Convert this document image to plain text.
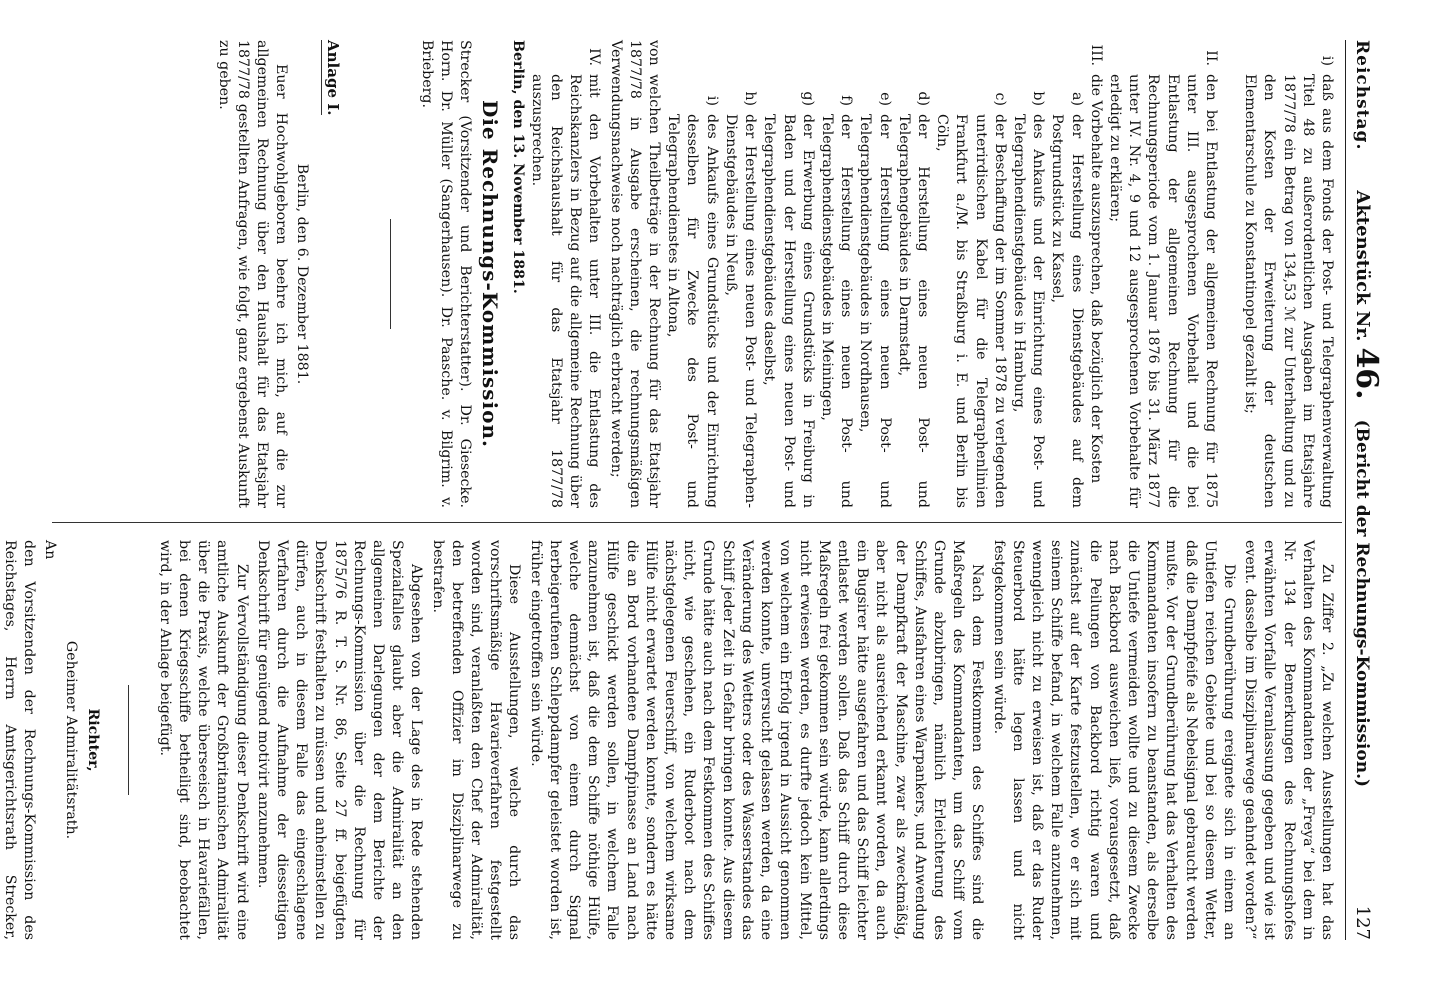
Reichstag.
Aktenstück Nr.
46.
(Bericht der Rechnungs-Kommission.)
127
i)
daß aus dem Fonds der Post- und Telegraphenverwaltung Titel 48 zu außerordentlichen Ausgaben im Etatsjahre 1877/78 ein Betrag von 134,53 ℳ zur Unterhaltung und zu den Kosten der Erweiterung der deutschen Elementarschule zu Konstantinopel gezahlt ist;
II.
den bei Entlastung der allgemeinen Rechnung für 1875 unter III. ausgesprochenen Vorbehalt und die bei Entlastung der allgemeinen Rechnung für die Rechnungsperiode vom 1. Januar 1876 bis 31. März 1877 unter IV. Nr. 4, 9 und 12 ausgesprochenen Vorbehalte für erledigt zu erklären;
III.
die Vorbehalte auszusprechen, daß bezüglich der Kosten
a)
der Herstellung eines Dienstgebäudes auf dem Postgrundstück zu Kassel,
b)
des Ankaufs und der Einrichtung eines Post- und Telegraphendienstgebäudes in Hamburg,
c)
der Beschaffung der im Sommer 1878 zu verlegenden unterirdischen Kabel für die Telegraphenlinien Frankfurt a./M. bis Straßburg i. E. und Berlin bis Cöln,
d)
der Herstellung eines neuen Post- und Telegraphengebäudes in Darmstadt,
e)
der Herstellung eines neuen Post- und Telegraphendienstgebäudes in Nordhausen,
f)
der Herstellung eines neuen Post- und Telegraphendienstgebäudes in Meiningen,
g)
der Erwerbung eines Grundstücks in Freiburg in Baden und der Herstellung eines neuen Post- und Telegraphendienstgebäudes daselbst,
h)
der Herstellung eines neuen Post- und Telegraphen-Dienstgebäudes in Neuß,
i)
des Ankaufs eines Grundstücks und der Einrichtung desselben für Zwecke des Post- und Telegraphendienstes in Altona,

von welchen Theilbeträge in der Rechnung für das Etatsjahr 1877/78 in Ausgabe erscheinen, die rechnungsmäßigen Verwendungsnachweise noch nachträglich erbracht werden;

IV.
mit den Vorbehalten unter III. die Entlastung des Reichskanzlers in Bezug auf die allgemeine Rechnung über den Reichshaushalt für das Etatsjahr 1877/78 auszusprechen.

Berlin, den 13. November 1881.

Die Rechnungs-Kommission.

Strecker (Vorsitzender und Berichterstatter). Dr. Giesecke. Horn. Dr. Müller (Sangerhausen). Dr. Paasche. v. Bilgrim. v. Brieberg.

Anlage I.

Berlin, den 6. Dezember 1881.

Euer Hochwohlgeboren beehre ich mich, auf die zur allgemeinen Rechnung über den Haushalt für das Etatsjahr 1877/78 gestellten Anfragen, wie folgt, ganz ergebenst Auskunft zu geben.

Zu Ziffer 2. „Zu welchen Ausstellungen hat das Verhalten des Kommandanten der „Freya“ bei dem in Nr. 134 der Bemerkungen des Rechnungshofes erwähnten Vorfalle Veranlassung gegeben und wie ist event. dasselbe im Disziplinarwege geahndet worden?“

Die Grundberührung ereignete sich in einem an Untiefen reichen Gebiete und bei so diesem Wetter, daß die Dampfpfeife als Nebelsignal gebraucht werden mußte. Vor der Grundberührung hat das Verhalten des Kommandanten insofern zu beanstanden, als derselbe die Untiefe vermeiden wollte und zu diesem Zwecke nach Backbord ausweichen ließ, vorausgesetzt, daß die Peilungen von Backbord richtig waren und zunächst auf der Karte festzustellen, wo er sich mit seinem Schiffe befand, in welchem Falle anzunehmen, wenngleich nicht zu erweisen ist, daß er das Ruder Steuerbord hätte legen lassen und nicht festgekommen sein würde.

Nach dem Festkommen des Schiffes sind die Maßregeln des Kommandanten, um das Schiff vom Grunde abzubringen, nämlich Erleichterung des Schiffes, Ausfahren eines Warpankers, und Anwendung der Dampfkraft der Maschine, zwar als zweckmäßig, aber nicht als ausreichend erkannt worden, da auch ein Bugsirer hätte ausgefahren und das Schiff leichter entlastet werden sollen. Daß das Schiff durch diese Maßregeln frei gekommen sein würde, kann allerdings nicht erwiesen werden, es durfte jedoch kein Mittel, von welchem ein Erfolg irgend in Aussicht genommen werden konnte, unversucht gelassen werden, da eine Veränderung des Wetters oder des Wasserstandes das Schiff jeder Zeit in Gefahr bringen konnte. Aus diesem Grunde hätte auch nach dem Festkommen des Schiffes nicht, wie geschehen, ein Ruderboot nach dem nächstgelegenen Feuerschiff, von welchem wirksame Hülfe nicht erwartet werden konnte, sondern es hätte die an Bord vorhandene Dampfpinasse an Land nach Hülfe geschickt werden sollen, in welchem Falle anzunehmen ist, daß die dem Schiffe nöthige Hülfe, welche demnächst von einem durch Signal herbeigerufenen Schleppdampfer geleistet worden ist, früher eingetroffen sein würde.

Diese Ausstellungen, welche durch das vorschriftsmäßige Havarieverfahren festgestellt worden sind, veranlaßten den Chef der Admiralität, den betreffenden Offizier im Disziplinarwege zu bestrafen.

Abgesehen von der Lage des in Rede stehenden Spezialfalles glaubt aber die Admiralität an den allgemeinen Darlegungen der dem Berichte der Rechnungs-Kommission über die Rechnung für 1875/76 R. T. S. Nr. 86, Seite 27 ff. beigefügten Denkschrift festhalten zu müssen und anheimstellen zu dürfen, auch in diesem Falle das eingeschlagene Verfahren durch die Aufnahme der diesseitigen Denkschrift für genügend motivirt anzunehmen.

Zur Vervollständigung dieser Denkschrift wird eine amtliche Auskunft der Großbritannischen Admiralität über die Praxis, welche überseeisch in Havariefällen, bei denen Kriegsschiffe betheiligt sind, beobachtet wird, in der Anlage beigefügt.

Richter,

Geheimer Admiralitätsrath.

An

den Vorsitzenden der Rechnungs-Kommission des Reichstages, Herrn Amtsgerichtsrath Strecker,
